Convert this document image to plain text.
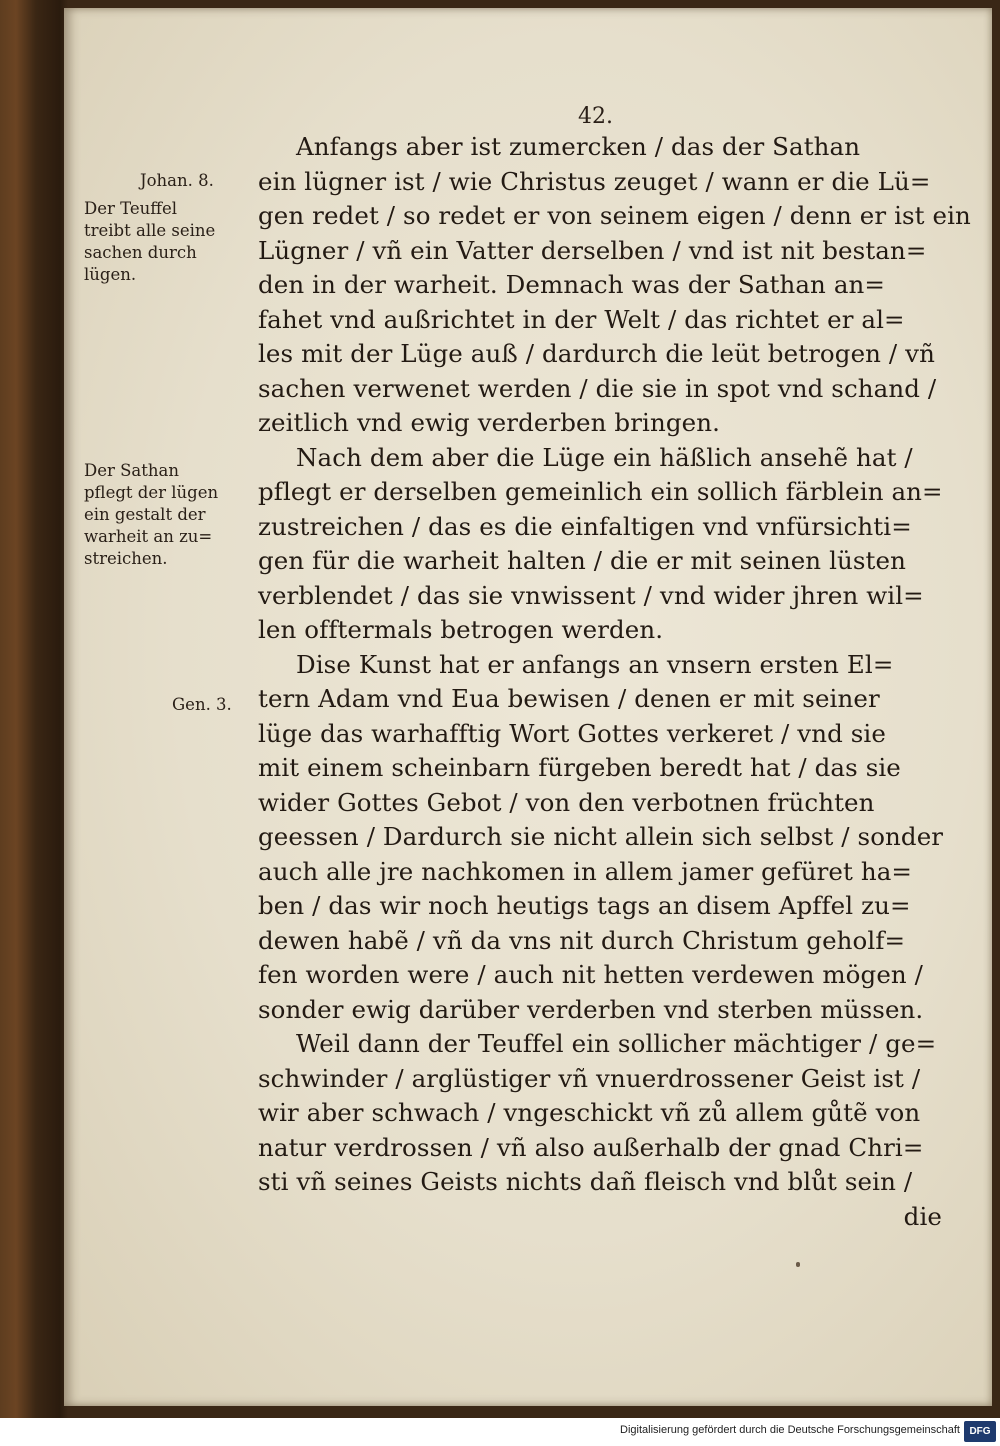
42.
Johan. 8.
Der Teuffel
treibt alle seine
sachen durch
lügen.
Der Sathan
pflegt der lügen
ein gestalt der
warheit an zu=
streichen.
Gen. 3.
Anfangs aber ist zumercken / das der Sathan
ein lügner ist / wie Christus zeuget / wann er die Lü=
gen redet / so redet er von seinem eigen / denn er ist ein
Lügner / vñ ein Vatter derselben / vnd ist nit bestan=
den in der warheit. Demnach was der Sathan an=
fahet vnd außrichtet in der Welt / das richtet er al=
les mit der Lüge auß / dardurch die leüt betrogen / vñ
sachen verwenet werden / die sie in spot vnd schand /
zeitlich vnd ewig verderben bringen.
Nach dem aber die Lüge ein häßlich ansehẽ hat /
pflegt er derselben gemeinlich ein sollich färblein an=
zustreichen / das es die einfaltigen vnd vnfürsichti=
gen für die warheit halten / die er mit seinen lüsten
verblendet / das sie vnwissent / vnd wider jhren wil=
len offtermals betrogen werden.
Dise Kunst hat er anfangs an vnsern ersten El=
tern Adam vnd Eua bewisen / denen er mit seiner
lüge das warhafftig Wort Gottes verkeret / vnd sie
mit einem scheinbarn fürgeben beredt hat / das sie
wider Gottes Gebot / von den verbotnen früchten
geessen / Dardurch sie nicht allein sich selbst / sonder
auch alle jre nachkomen in allem jamer gefüret ha=
ben / das wir noch heutigs tags an disem Apffel zu=
dewen habẽ / vñ da vns nit durch Christum geholf=
fen worden were / auch nit hetten verdewen mögen /
sonder ewig darüber verderben vnd sterben müssen.
Weil dann der Teuffel ein sollicher mächtiger / ge=
schwinder / arglüstiger vñ vnuerdrossener Geist ist /
wir aber schwach / vngeschickt vñ zů allem gůtẽ von
natur verdrossen / vñ also außerhalb der gnad Chri=
sti vñ seines Geists nichts dañ fleisch vnd blůt sein /
die
Digitalisierung gefördert durch die Deutsche Forschungsgemeinschaft DFG
